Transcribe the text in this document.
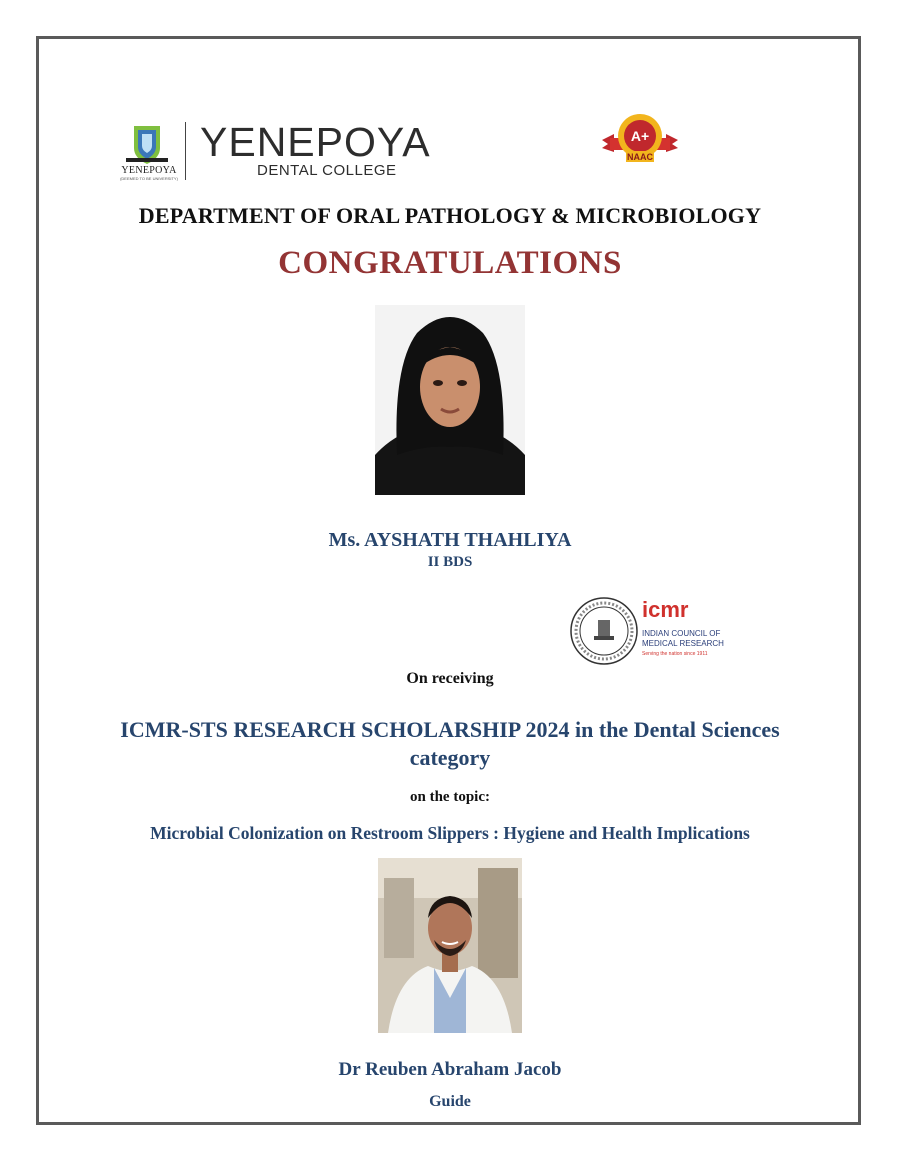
YENEPOYA
(DEEMED TO BE UNIVERSITY)
YENEPOYA
DENTAL COLLEGE
A+
NAAC
DEPARTMENT OF ORAL PATHOLOGY & MICROBIOLOGY
CONGRATULATIONS
Ms. AYSHATH THAHLIYA
II BDS
icmr
INDIAN COUNCIL OF
MEDICAL RESEARCH
Serving the nation since 1911
On receiving
ICMR-STS RESEARCH SCHOLARSHIP 2024 in the Dental Sciences category
on the topic:
Microbial Colonization on Restroom Slippers : Hygiene and Health Implications
Dr Reuben Abraham Jacob
Guide
